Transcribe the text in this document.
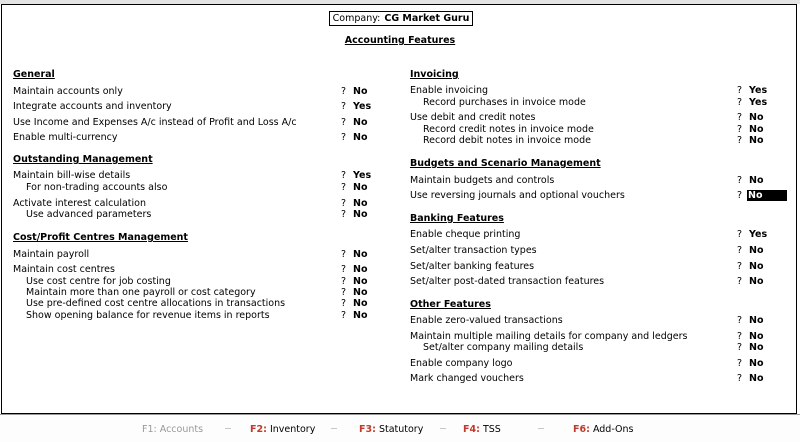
Company: CG Market Guru
Accounting Features
General
Maintain accounts only	? No
Integrate accounts and inventory	? Yes
Use Income and Expenses A/c instead of Profit and Loss A/c	? No
Enable multi-currency	? No
Outstanding Management
Maintain bill-wise details	? Yes
For non-trading accounts also	? No
Activate interest calculation	? No
Use advanced parameters	? No
Cost/Profit Centres Management
Maintain payroll	? No
Maintain cost centres	? No
Use cost centre for job costing	? No
Maintain more than one payroll or cost category	? No
Use pre-defined cost centre allocations in transactions	? No
Show opening balance for revenue items in reports	? No
Invoicing
Enable invoicing	? Yes
Record purchases in invoice mode	? Yes
Use debit and credit notes	? No
Record credit notes in invoice mode	? No
Record debit notes in invoice mode	? No
Budgets and Scenario Management
Maintain budgets and controls	? No
Use reversing journals and optional vouchers	? No
Banking Features
Enable cheque printing	? Yes
Set/alter transaction types	? No
Set/alter banking features	? No
Set/alter post-dated transaction features	? No
Other Features
Enable zero-valued transactions	? No
Maintain multiple mailing details for company and ledgers	? No
Set/alter company mailing details	? No
Enable company logo	? No
Mark changed vouchers	? No
F1: Accounts	F2: Inventory	F3: Statutory	F4: TSS	F6: Add-Ons
